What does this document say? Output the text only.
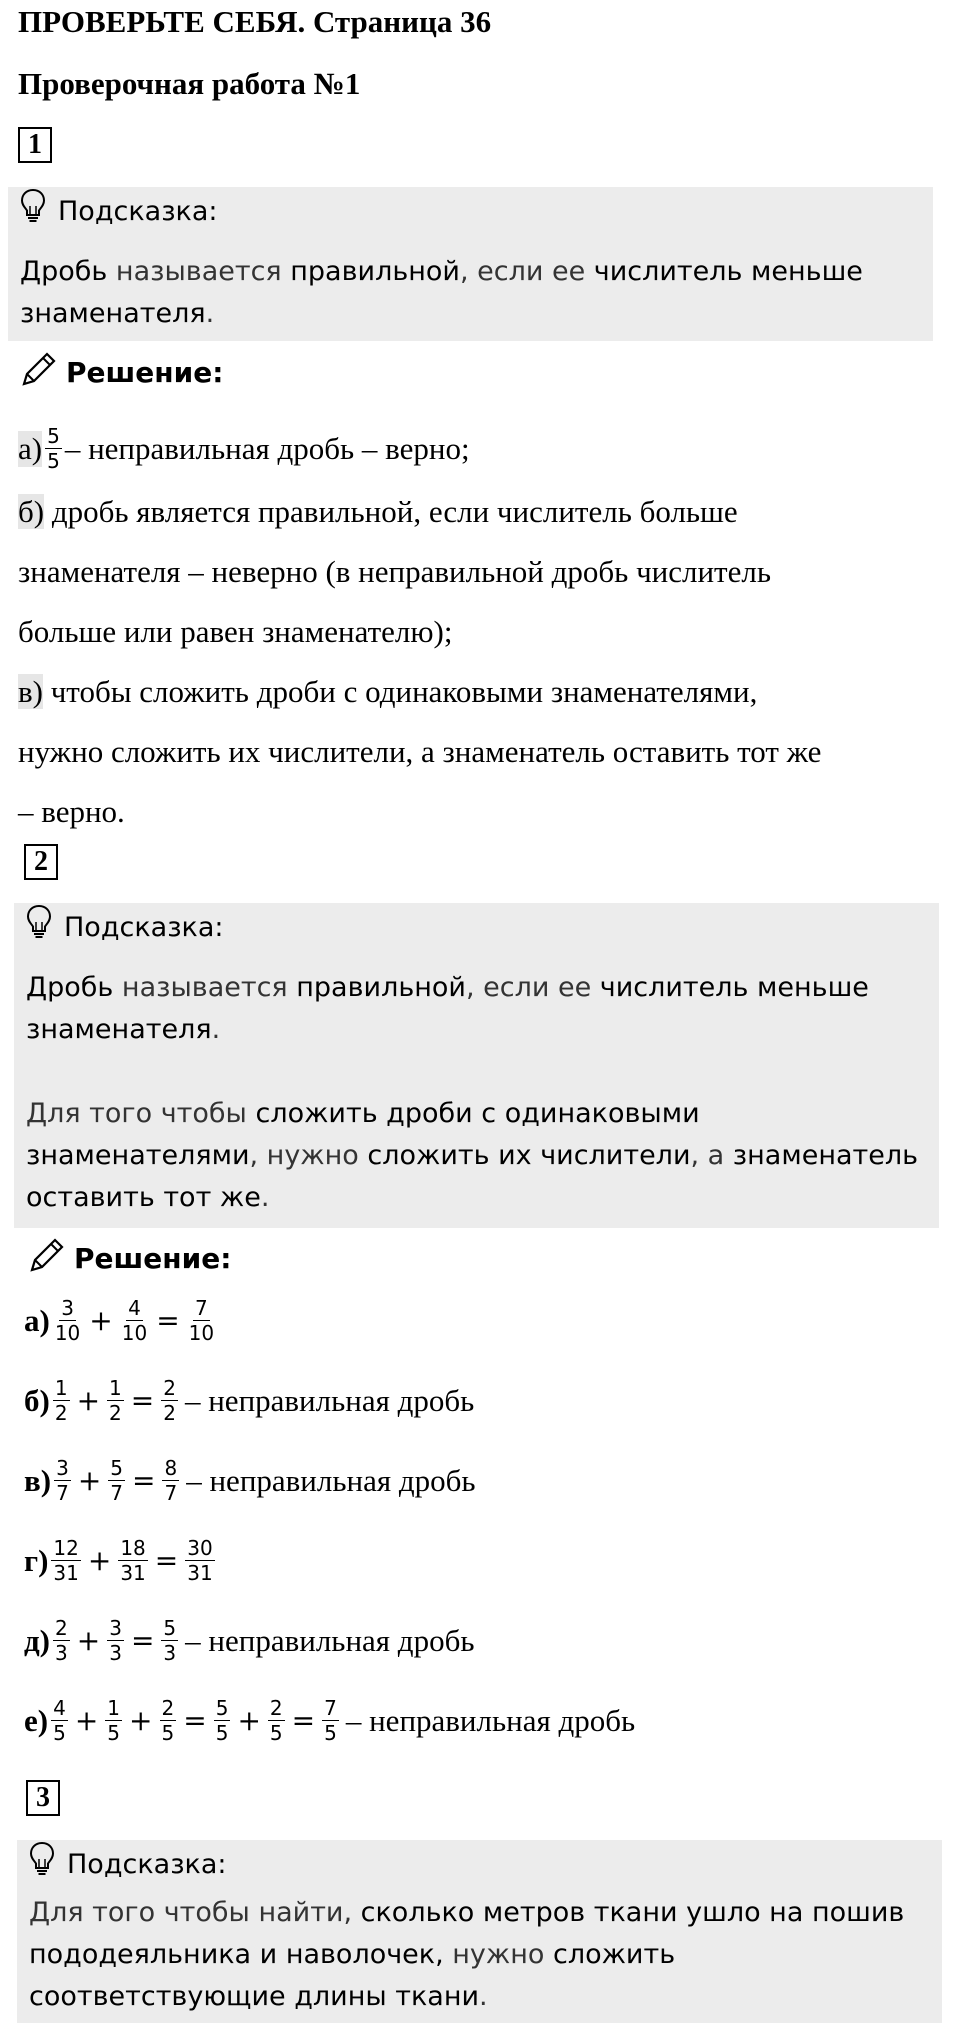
ПРОВЕРЬТЕ СЕБЯ. Страница 36
Проверочная работа №1
1
Подсказка:
Дробь называется правильной, если ее числитель меньше знаменателя.
Решение:
$а) \frac{5}{5}$ – неправильная дробь – верно;
б) дробь является правильной, если числитель больше
знаменателя – неверно (в неправильной дробь числитель
больше или равен знаменателю);
в) чтобы сложить дроби с одинаковыми знаменателями,
нужно сложить их числители, а знаменатель оставить тот же
– верно.
2
Подсказка:
Дробь называется правильной, если ее числитель меньше знаменателя.
Для того чтобы сложить дроби с одинаковыми знаменателями, нужно сложить их числители, а знаменатель оставить тот же.
Решение:
$а) \frac{3}{10} + \frac{4}{10} = \frac{7}{10}$
$б) \frac{1}{2} + \frac{1}{2} = \frac{2}{2}$ – неправильная дробь
$в) \frac{3}{7} + \frac{5}{7} = \frac{8}{7}$ – неправильная дробь
$г) \frac{12}{31} + \frac{18}{31} = \frac{30}{31}$
$д) \frac{2}{3} + \frac{3}{3} = \frac{5}{3}$ – неправильная дробь
$е) \frac{4}{5} + \frac{1}{5} + \frac{2}{5} = \frac{5}{5} + \frac{2}{5} = \frac{7}{5}$ – неправильная дробь
3
Подсказка:
Для того чтобы найти, сколько метров ткани ушло на пошив пододеяльника и наволочек, нужно сложить соответствующие длины ткани.
